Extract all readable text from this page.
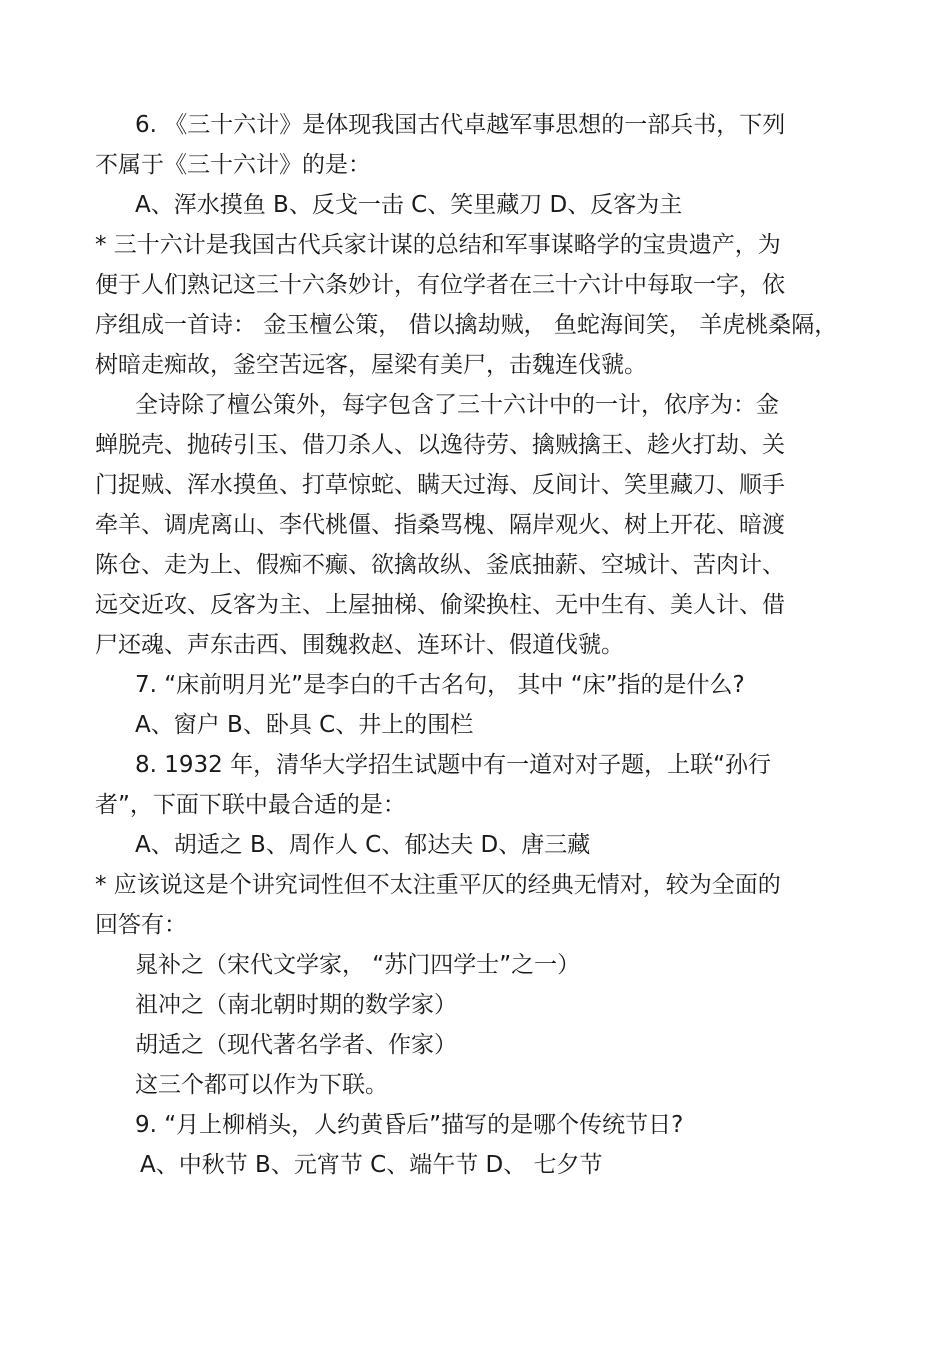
6. 《三十六计》是体现我国古代卓越军事思想的一部兵书，下列
不属于《三十六计》的是：
A、浑水摸鱼 B、反戈一击 C、笑里藏刀 D、反客为主
* 三十六计是我国古代兵家计谋的总结和军事谋略学的宝贵遗产，为
便于人们熟记这三十六条妙计，有位学者在三十六计中每取一字，依
序组成一首诗： 金玉檀公策， 借以擒劫贼， 鱼蛇海间笑， 羊虎桃桑隔，
树暗走痴故，釜空苦远客，屋梁有美尸，击魏连伐虢。
全诗除了檀公策外，每字包含了三十六计中的一计，依序为：金
蝉脱壳、抛砖引玉、借刀杀人、以逸待劳、擒贼擒王、趁火打劫、关
门捉贼、浑水摸鱼、打草惊蛇、瞒天过海、反间计、笑里藏刀、顺手
牵羊、调虎离山、李代桃僵、指桑骂槐、隔岸观火、树上开花、暗渡
陈仓、走为上、假痴不癫、欲擒故纵、釜底抽薪、空城计、苦肉计、
远交近攻、反客为主、上屋抽梯、偷梁换柱、无中生有、美人计、借
尸还魂、声东击西、围魏救赵、连环计、假道伐虢。
7. “床前明月光”是李白的千古名句， 其中 “床”指的是什么?
A、窗户 B、卧具 C、井上的围栏
8. 1932 年，清华大学招生试题中有一道对对子题，上联“孙行
者”，下面下联中最合适的是：
A、胡适之 B、周作人 C、郁达夫 D、唐三藏
* 应该说这是个讲究词性但不太注重平仄的经典无情对，较为全面的
回答有：
晁补之（宋代文学家， “苏门四学士”之一）
祖冲之（南北朝时期的数学家）
胡适之（现代著名学者、作家）
这三个都可以作为下联。
9. “月上柳梢头，人约黄昏后”描写的是哪个传统节日?
A、中秋节 B、元宵节 C、端午节 D、 七夕节
